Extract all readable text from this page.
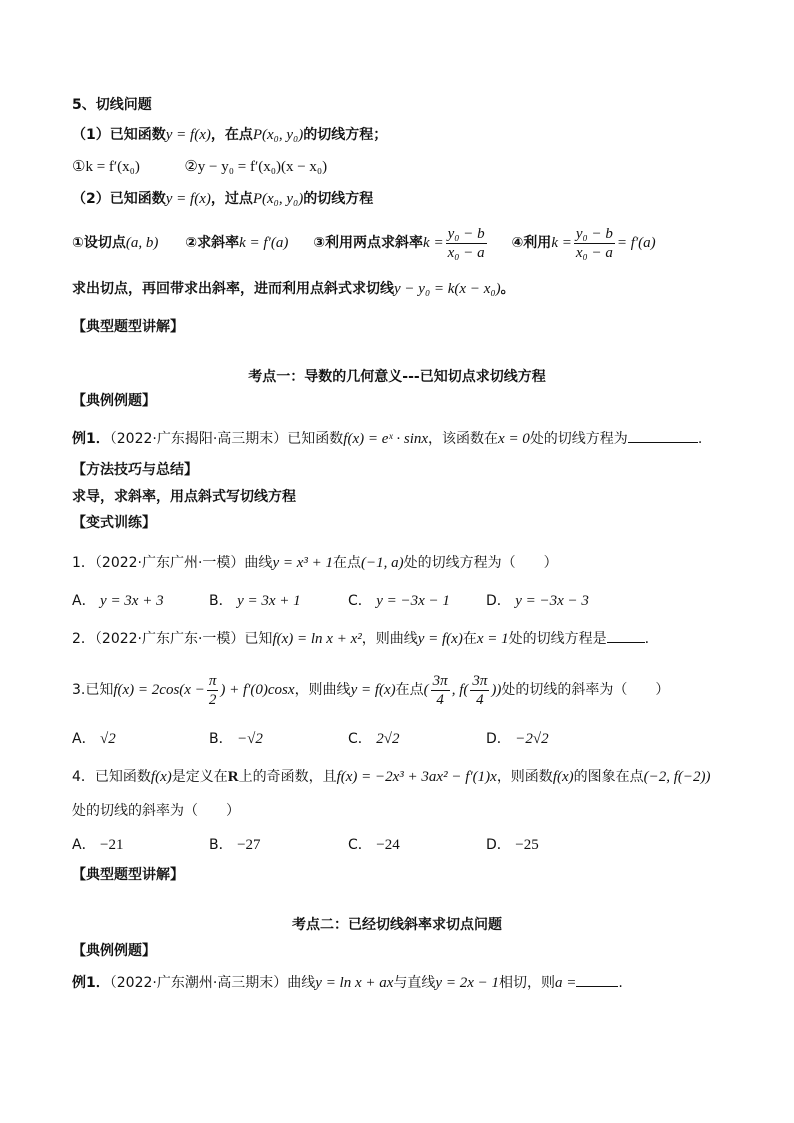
5、切线问题
（1）已知函数y = f(x)，在点P(x₀, y₀)的切线方程；
①k = f′(x₀)	②y − y₀ = f′(x₀)(x − x₀)
（2）已知函数y = f(x)，过点P(x₀, y₀)的切线方程
①设切点(a, b) ②求斜率k = f′(a) ③利用两点求斜率$k = \frac{\text{y₀ − b}}{\text{x₀ − a}}$ ④利用$k = \frac{\text{y₀ − b}}{\text{x₀ − a}} = f'(a)$
求出切点，再回带求出斜率，进而利用点斜式求切线y − y₀ = k(x − x₀)。
【典型题型讲解】
考点一：导数的几何意义---已知切点求切线方程
【典例例题】
例1．（2022·广东揭阳·高三期末）已知函数f(x) = eˣ · sinx，该函数在x = 0处的切线方程为	.
【方法技巧与总结】
求导，求斜率，用点斜式写切线方程
【变式训练】
1．（2022·广东广州·一模）曲线y = x³ + 1在点(−1, a)处的切线方程为（　　）
A． y = 3x + 3	B． y = 3x + 1	C． y = −3x − 1	D． y = −3x − 3
2．（2022·广东广东·一模）已知f(x) = ln x + x²，则曲线y = f(x)在x = 1处的切线方程是	.
3.已知$f(x) = 2\cos(x - \frac{\pi}{2}$ ) + f′(0)cosx，则曲线y = f(x)在点( $\frac{3\pi}{4}$ , $f( \frac{3\pi}{4}$ ))处的切线的斜率为（　　）
A． √2	B． −√2	C． 2√2	D． −2√2
4．已知函数f(x)是定义在R上的奇函数，且f(x) = −2x³ + 3ax² − f′(1)x，则函数f(x)的图象在点(−2, f(−2))
处的切线的斜率为（　　）
A． −21	B． −27	C． −24	D． −25
【典型题型讲解】
考点二：已经切线斜率求切点问题
【典例例题】
例1．（2022·广东潮州·高三期末）曲线y = ln x + ax与直线y = 2x − 1相切，则a =	.
